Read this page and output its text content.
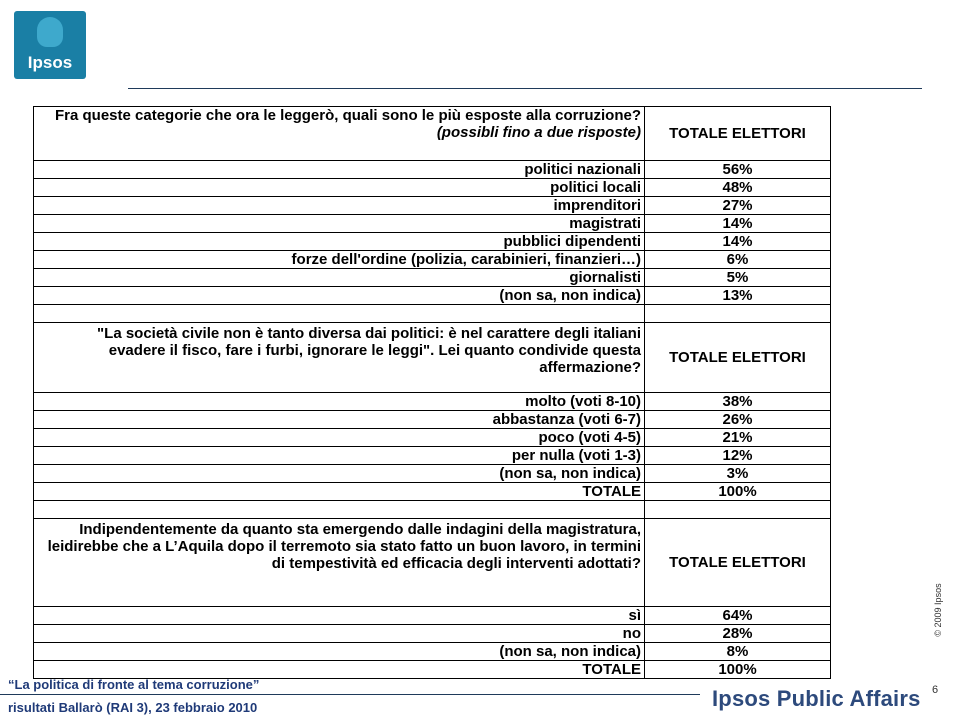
Ipsos
Fra queste categorie che ora le leggerò, quali sono le più esposte alla corruzione?
(possibli fino a due risposte)	TOTALE ELETTORI
politici nazionali	56%
politici locali	48%
imprenditori	27%
magistrati	14%
pubblici dipendenti	14%
forze dell'ordine (polizia, carabinieri, finanzieri…)	6%
giornalisti	5%
(non sa, non indica)	13%

"La società civile non è tanto diversa dai politici: è nel carattere degli italiani evadere il fisco, fare i furbi, ignorare le leggi". Lei quanto condivide questa affermazione?	TOTALE ELETTORI
molto (voti 8-10)	38%
abbastanza (voti 6-7)	26%
poco (voti 4-5)	21%
per nulla (voti 1-3)	12%
(non sa, non indica)	3%
TOTALE	100%

Indipendentemente da quanto sta emergendo dalle indagini della magistratura, leidirebbe che a L’Aquila dopo il terremoto sia stato fatto un buon lavoro, in termini di tempestività ed efficacia degli interventi adottati?	TOTALE ELETTORI
sì	64%
no	28%
(non sa, non indica)	8%
TOTALE	100%
© 2009 Ipsos
“La politica di fronte al tema corruzione”
risultati Ballarò (RAI 3), 23 febbraio 2010	Ipsos Public Affairs 6
